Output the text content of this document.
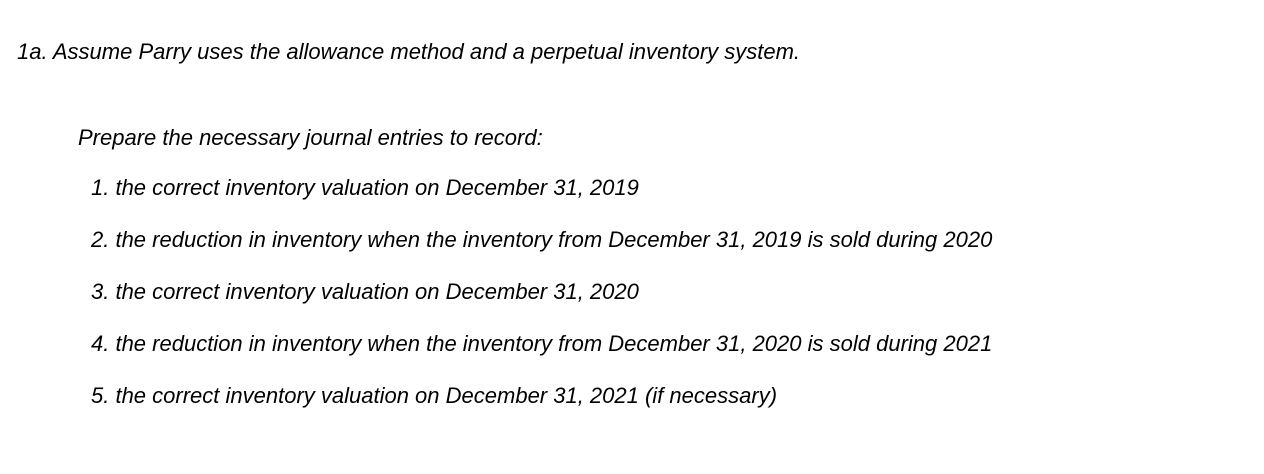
1a. Assume Parry uses the allowance method and a perpetual inventory system.
Prepare the necessary journal entries to record:
1. the correct inventory valuation on December 31, 2019
2. the reduction in inventory when the inventory from December 31, 2019 is sold during 2020
3. the correct inventory valuation on December 31, 2020
4. the reduction in inventory when the inventory from December 31, 2020 is sold during 2021
5. the correct inventory valuation on December 31, 2021 (if necessary)
